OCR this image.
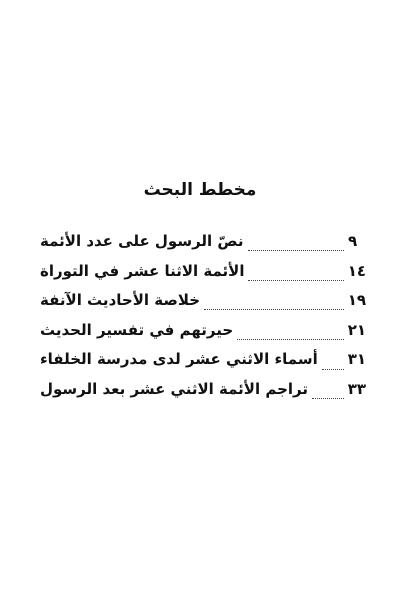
مخطط البحث
نصّ الرسول على عدد الأئمة	٩
الأئمة الاثنا عشر في التوراة	١٤
خلاصة الأحاديث الآنفة	١٩
حيرتهم في تفسير الحديث	٢١
أسماء الاثني عشر لدى مدرسة الخلفاء ٣١
تراجم الأئمة الاثني عشر بعد الرسول	٣٣
